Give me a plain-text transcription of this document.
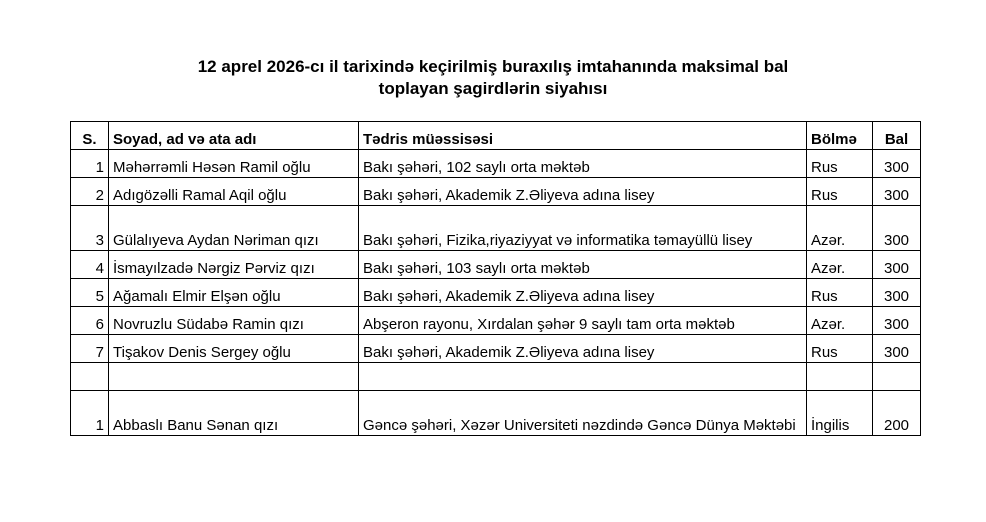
12 aprel 2026-cı il tarixində keçirilmiş buraxılış imtahanında maksimal bal
toplayan şagirdlərin siyahısı
S.	Soyad, ad və ata adı	Tədris müəssisəsi	Bölmə	Bal
1	Məhərrəmli Həsən Ramil oğlu	Bakı şəhəri, 102 saylı orta məktəb	Rus	300
2	Adıgözəlli Ramal Aqil oğlu	Bakı şəhəri, Akademik Z.Əliyeva adına lisey	Rus	300
3	Gülalıyeva Aydan Nəriman qızı	Bakı şəhəri, Fizika,riyaziyyat və informatika təmayüllü lisey	Azər.	300
4	İsmayılzadə Nərgiz Pərviz qızı	Bakı şəhəri, 103 saylı orta məktəb	Azər.	300
5	Ağamalı Elmir Elşən oğlu	Bakı şəhəri, Akademik Z.Əliyeva adına lisey	Rus	300
6	Novruzlu Südabə Ramin qızı	Abşeron rayonu, Xırdalan şəhər 9 saylı tam orta məktəb	Azər.	300
7	Tişakov Denis Sergey oğlu	Bakı şəhəri, Akademik Z.Əliyeva adına lisey	Rus	300

1	Abbaslı Banu Sənan qızı	Gəncə şəhəri, Xəzər Universiteti nəzdində Gəncə Dünya Məktəbi	İngilis	200
